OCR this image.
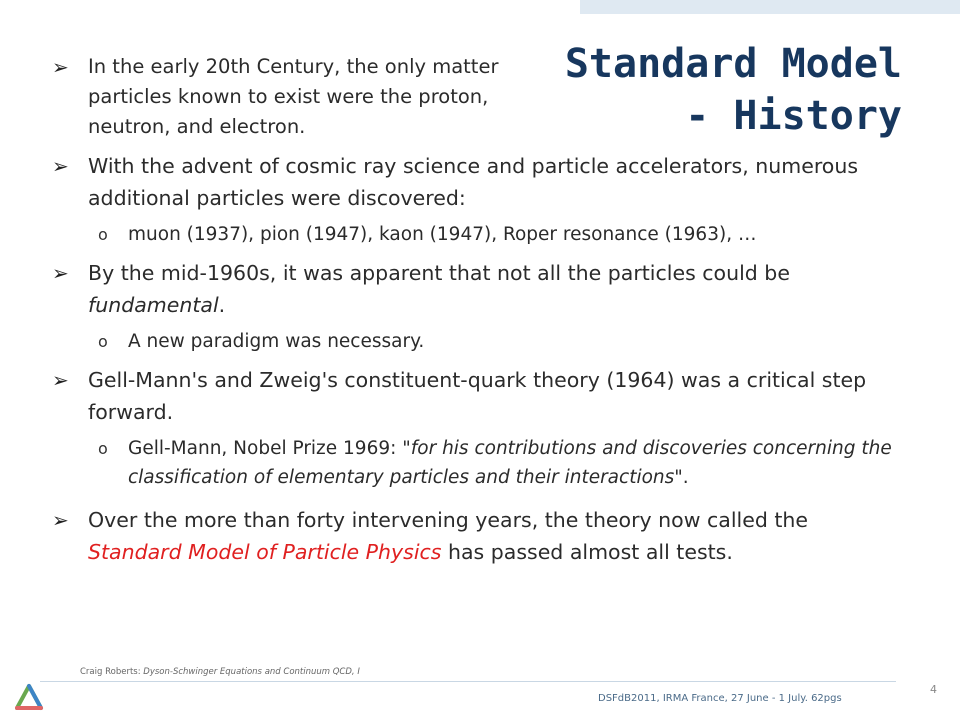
Standard Model
- History
➢ In the early 20th Century, the only matter particles known to exist were the proton, neutron, and electron.
➢ With the advent of cosmic ray science and particle accelerators, numerous additional particles were discovered:
o muon (1937), pion (1947), kaon (1947), Roper resonance (1963), …
➢ By the mid-1960s, it was apparent that not all the particles could be fundamental.
o A new paradigm was necessary.
➢ Gell-Mann's and Zweig's constituent-quark theory (1964) was a critical step forward.
o Gell-Mann, Nobel Prize 1969: "for his contributions and discoveries concerning the classification of elementary particles and their interactions".
➢ Over the more than forty intervening years, the theory now called the Standard Model of Particle Physics has passed almost all tests.
Craig Roberts: Dyson-Schwinger Equations and Continuum QCD, I
DSFdB2011, IRMA France, 27 June - 1 July. 62pgs
4
